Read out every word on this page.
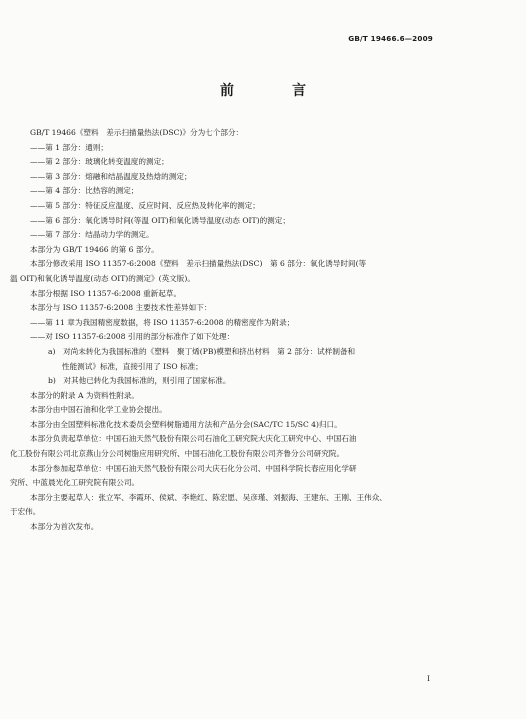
GB/T 19466.6—2009
前　言
GB/T 19466《塑料　差示扫描量热法(DSC)》分为七个部分：
——第 1 部分：通则；
——第 2 部分：玻璃化转变温度的测定；
——第 3 部分：熔融和结晶温度及热焓的测定；
——第 4 部分：比热容的测定；
——第 5 部分：特征反应温度、反应时间、反应热及转化率的测定；
——第 6 部分：氧化诱导时间(等温 OIT)和氧化诱导温度(动态 OIT)的测定；
——第 7 部分：结晶动力学的测定。
本部分为 GB/T 19466 的第 6 部分。
本部分修改采用 ISO 11357-6:2008《塑料　差示扫描量热法(DSC)　第 6 部分：氧化诱导时间(等
温 OIT)和氧化诱导温度(动态 OIT)的测定》(英文版)。
本部分根据 ISO 11357-6:2008 重新起草。
本部分与 ISO 11357-6:2008 主要技术性差异如下：
——第 11 章为我国精密度数据，将 ISO 11357-6:2008 的精密度作为附录；
——对 ISO 11357-6:2008 引用的部分标准作了如下处理：
a)　对尚未转化为我国标准的《塑料　聚丁烯(PB)模塑和挤出材料　第 2 部分：试样制备和
性能测试》标准，直接引用了 ISO 标准；
b)　对其他已转化为我国标准的，则引用了国家标准。
本部分的附录 A 为资料性附录。
本部分由中国石油和化学工业协会提出。
本部分由全国塑料标准化技术委员会塑料树脂通用方法和产品分会(SAC/TC 15/SC 4)归口。
本部分负责起草单位：中国石油天然气股份有限公司石油化工研究院大庆化工研究中心、中国石油
化工股份有限公司北京燕山分公司树脂应用研究所、中国石油化工股份有限公司齐鲁分公司研究院。
本部分参加起草单位：中国石油天然气股份有限公司大庆石化分公司、中国科学院长春应用化学研
究所、中蓝晨光化工研究院有限公司。
本部分主要起草人：张立军、李霞环、侯斌、李艳红、陈宏愿、吴彦瑾、刘振海、王建东、王刚、王伟众、
于宏伟。
本部分为首次发布。
I
